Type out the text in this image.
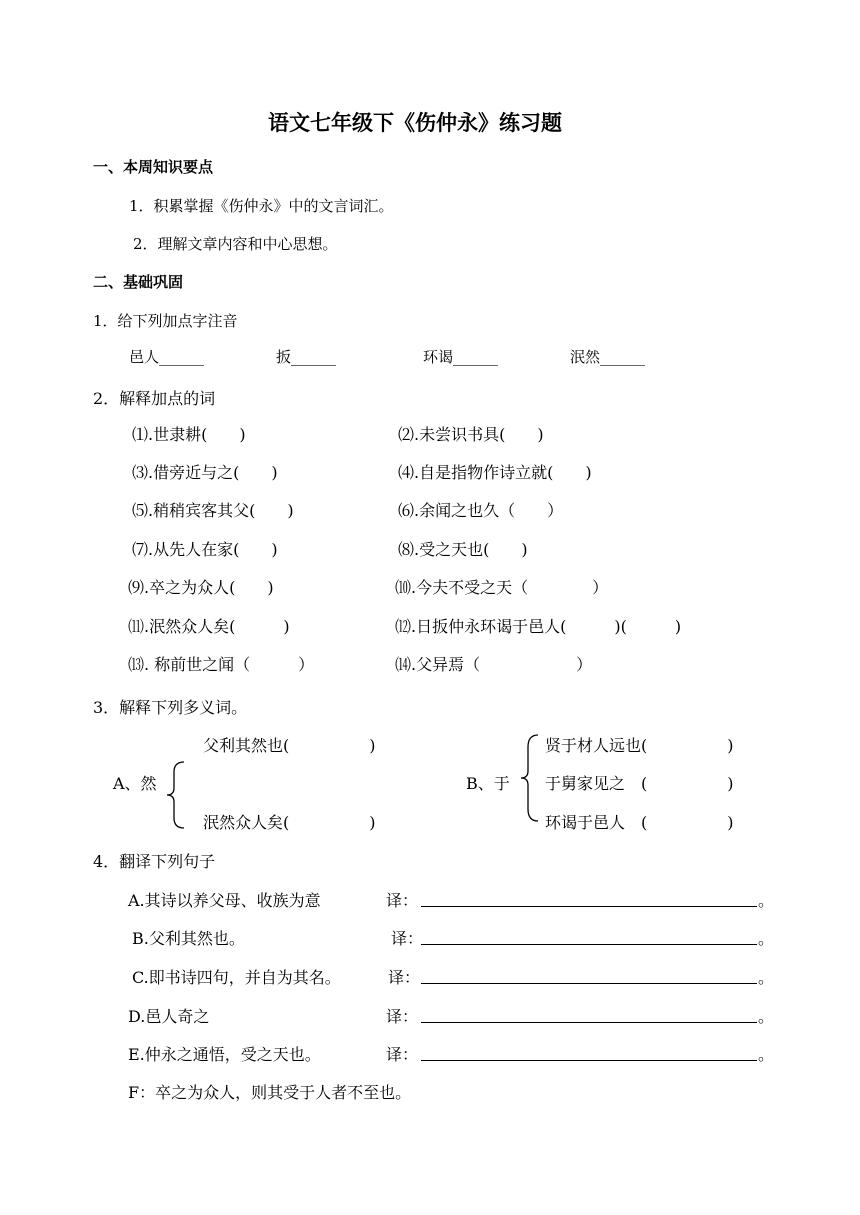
语文七年级下《伤仲永》练习题
一、本周知识要点
1．积累掌握《伤仲永》中的文言词汇。
2．理解文章内容和中心思想。
二、基础巩固
1．给下列加点字注音
邑人______	扳______	环谒______	泯然______
2．解释加点的词
⑴.世隶耕(　　)	⑵.未尝识书具(　　)
⑶.借旁近与之(　　)	⑷.自是指物作诗立就(　　)
⑸.稍稍宾客其父(　　)	⑹.余闻之也久（　　）
⑺.从先人在家(　　)	⑻.受之天也(　　)
⑼.卒之为众人(　　)	⑽.今夫不受之天（　　　　）
⑾.泯然众人矣(　　　)	⑿.日扳仲永环谒于邑人(　　　)(　　　)
⒀. 称前世之闻（　　　）	⒁.父异焉（　　　　　　）
3．解释下列多义词。
父利其然也(　　　　　)
A、然
泯然众人矣(　　　　　)
B、于
贤于材人远也(　　　　　)
于舅家见之　(　　　　　)
环谒于邑人　(　　　　　)
4．翻译下列句子
A.其诗以养父母、收族为意	译：	。
B.父利其然也。	译：	。
C.即书诗四句，并自为其名。	译：	。
D.邑人奇之	译：	。
E.仲永之通悟，受之天也。	译：	。
F：卒之为众人，则其受于人者不至也。
